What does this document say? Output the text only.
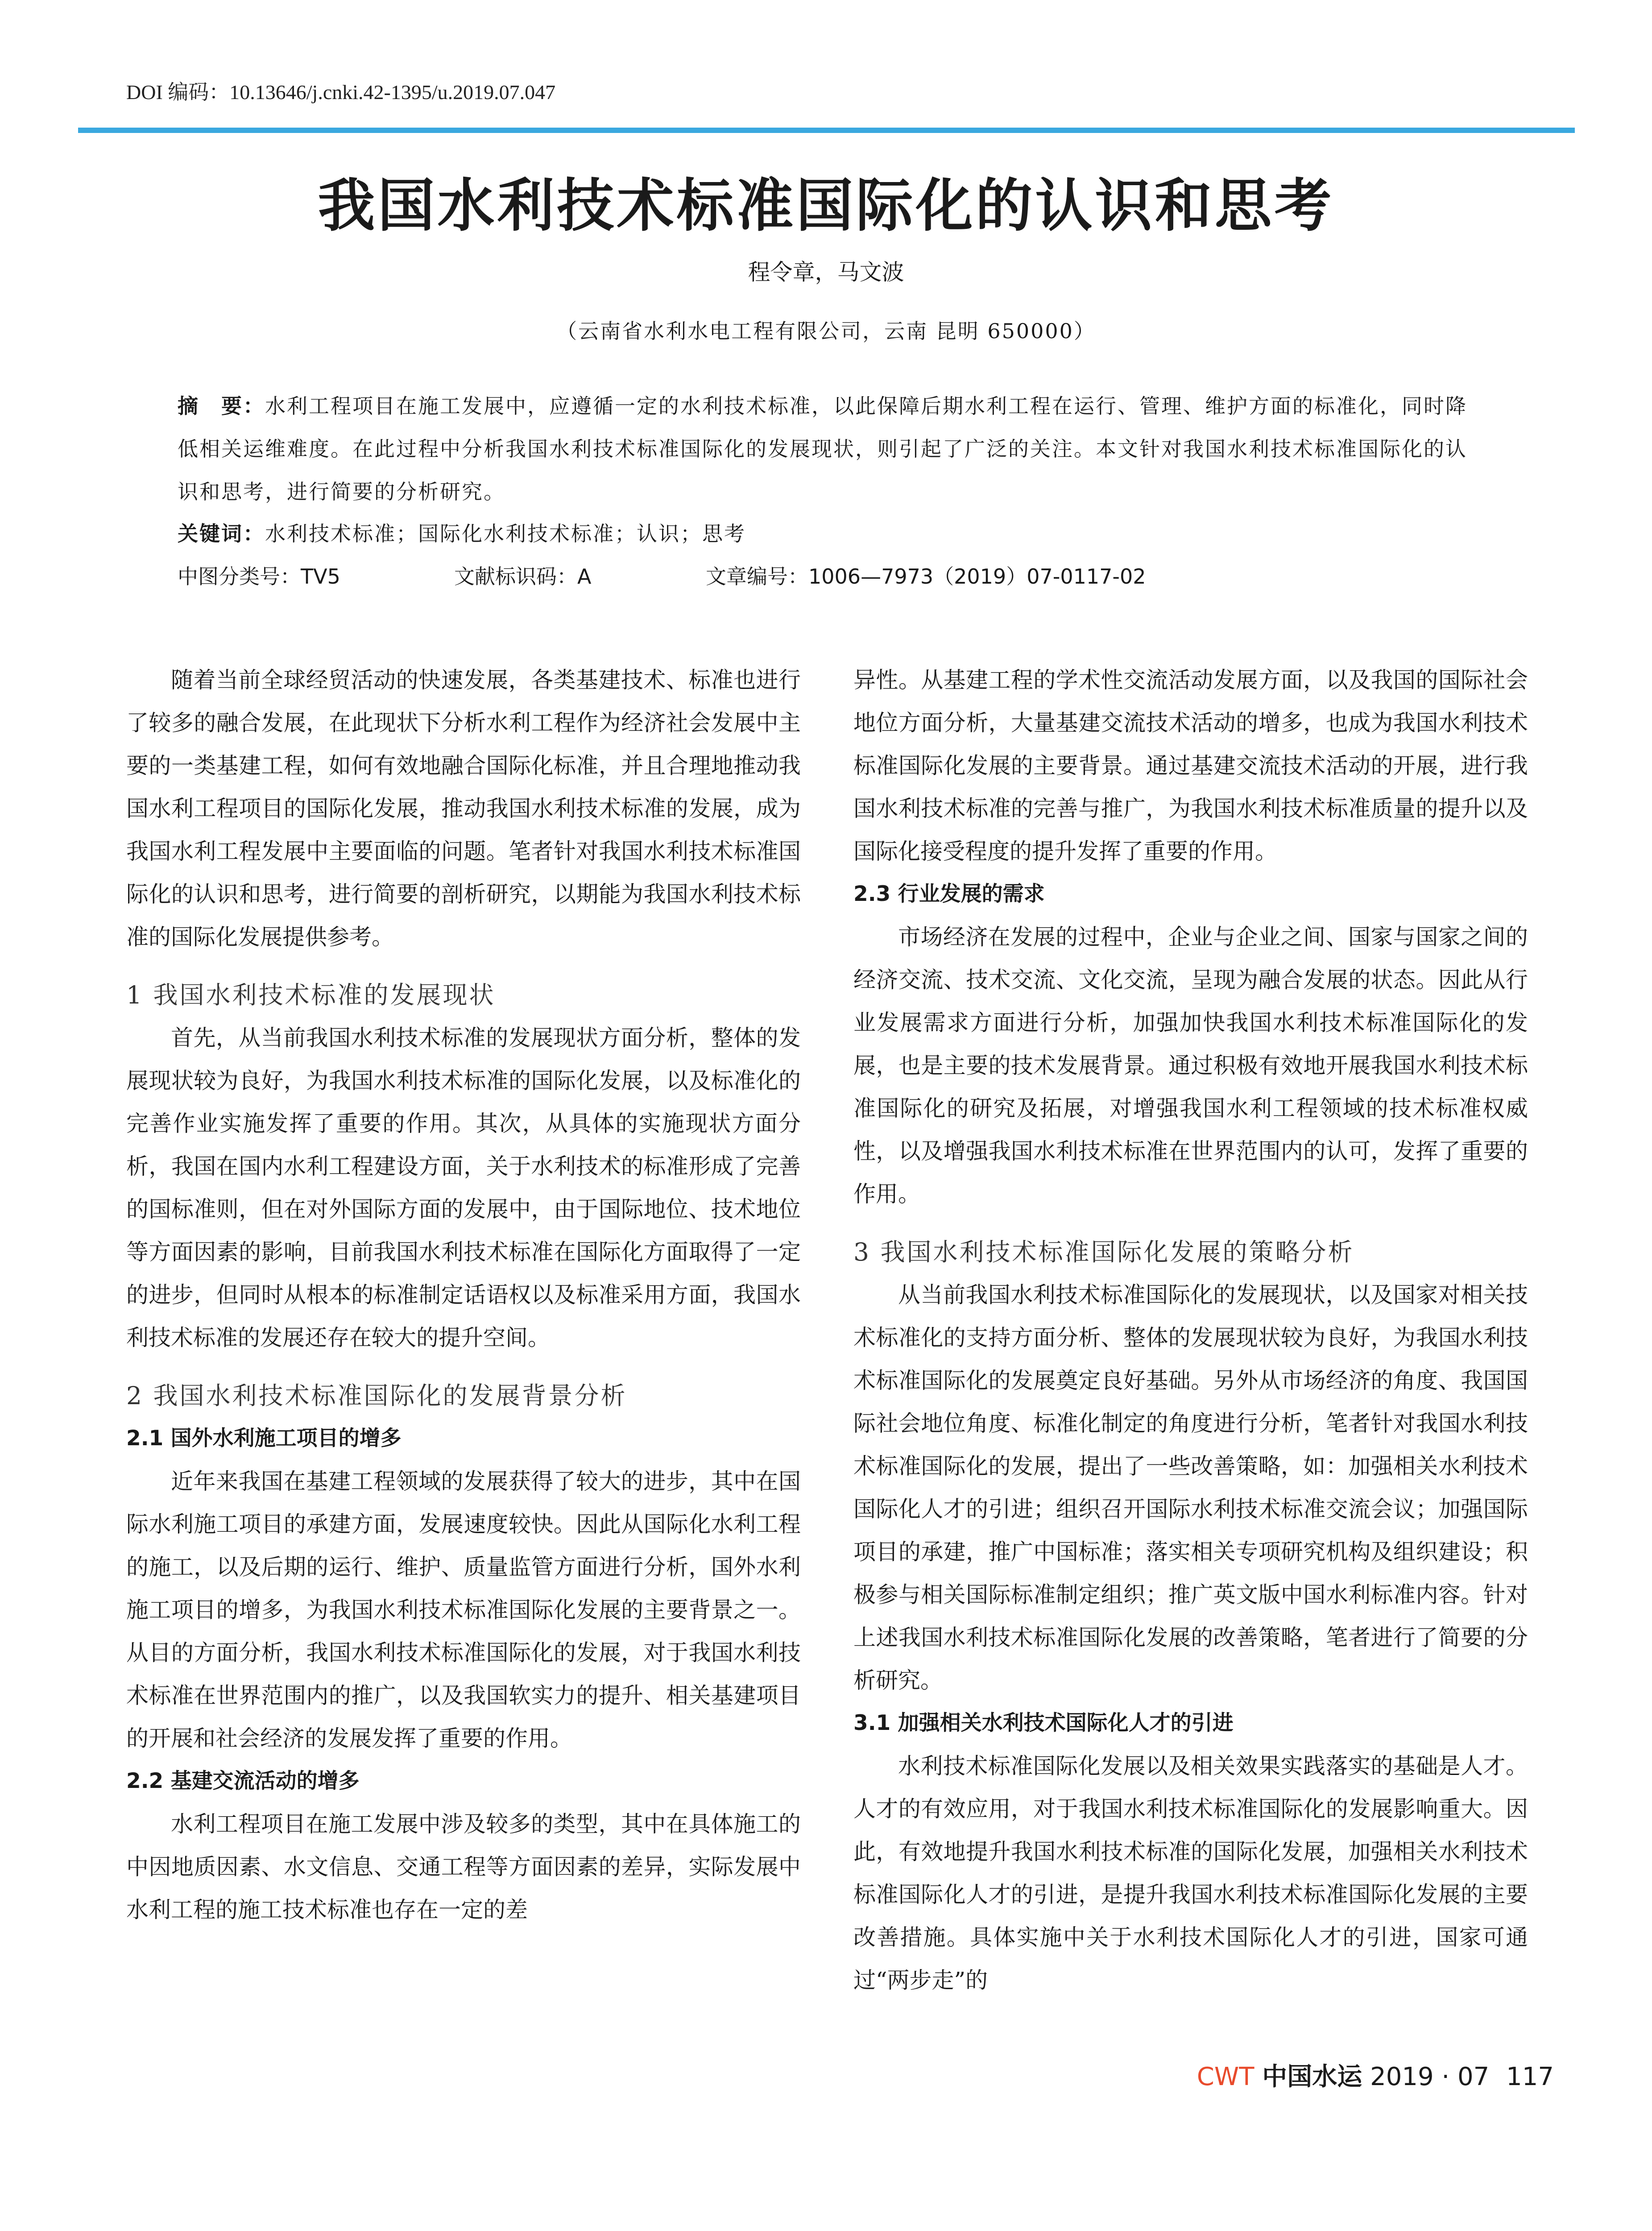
DOI 编码：10.13646/j.cnki.42-1395/u.2019.07.047
我国水利技术标准国际化的认识和思考
程令章，马文波
（云南省水利水电工程有限公司，云南 昆明 650000）
摘　要：水利工程项目在施工发展中，应遵循一定的水利技术标准，以此保障后期水利工程在运行、管理、维护方面的标准化，同时降低相关运维难度。在此过程中分析我国水利技术标准国际化的发展现状，则引起了广泛的关注。本文针对我国水利技术标准国际化的认识和思考，进行简要的分析研究。
关键词：水利技术标准；国际化水利技术标准；认识；思考
中图分类号：TV5	文献标识码：A	文章编号：1006—7973（2019）07-0117-02

随着当前全球经贸活动的快速发展，各类基建技术、标准也进行了较多的融合发展，在此现状下分析水利工程作为经济社会发展中主要的一类基建工程，如何有效地融合国际化标准，并且合理地推动我国水利工程项目的国际化发展，推动我国水利技术标准的发展，成为我国水利工程发展中主要面临的问题。笔者针对我国水利技术标准国际化的认识和思考，进行简要的剖析研究，以期能为我国水利技术标准的国际化发展提供参考。

1 我国水利技术标准的发展现状

首先，从当前我国水利技术标准的发展现状方面分析，整体的发展现状较为良好，为我国水利技术标准的国际化发展，以及标准化的完善作业实施发挥了重要的作用。其次，从具体的实施现状方面分析，我国在国内水利工程建设方面，关于水利技术的标准形成了完善的国标准则，但在对外国际方面的发展中，由于国际地位、技术地位等方面因素的影响，目前我国水利技术标准在国际化方面取得了一定的进步，但同时从根本的标准制定话语权以及标准采用方面，我国水利技术标准的发展还存在较大的提升空间。

2 我国水利技术标准国际化的发展背景分析
2.1 国外水利施工项目的增多

近年来我国在基建工程领域的发展获得了较大的进步，其中在国际水利施工项目的承建方面，发展速度较快。因此从国际化水利工程的施工，以及后期的运行、维护、质量监管方面进行分析，国外水利施工项目的增多，为我国水利技术标准国际化发展的主要背景之一。从目的方面分析，我国水利技术标准国际化的发展，对于我国水利技术标准在世界范围内的推广，以及我国软实力的提升、相关基建项目的开展和社会经济的发展发挥了重要的作用。

2.2 基建交流活动的增多

水利工程项目在施工发展中涉及较多的类型，其中在具体施工的中因地质因素、水文信息、交通工程等方面因素的差异，实际发展中水利工程的施工技术标准也存在一定的差

异性。从基建工程的学术性交流活动发展方面，以及我国的国际社会地位方面分析，大量基建交流技术活动的增多，也成为我国水利技术标准国际化发展的主要背景。通过基建交流技术活动的开展，进行我国水利技术标准的完善与推广，为我国水利技术标准质量的提升以及国际化接受程度的提升发挥了重要的作用。

2.3 行业发展的需求

市场经济在发展的过程中，企业与企业之间、国家与国家之间的经济交流、技术交流、文化交流，呈现为融合发展的状态。因此从行业发展需求方面进行分析，加强加快我国水利技术标准国际化的发展，也是主要的技术发展背景。通过积极有效地开展我国水利技术标准国际化的研究及拓展，对增强我国水利工程领域的技术标准权威性，以及增强我国水利技术标准在世界范围内的认可，发挥了重要的作用。

3 我国水利技术标准国际化发展的策略分析

从当前我国水利技术标准国际化的发展现状，以及国家对相关技术标准化的支持方面分析、整体的发展现状较为良好，为我国水利技术标准国际化的发展奠定良好基础。另外从市场经济的角度、我国国际社会地位角度、标准化制定的角度进行分析，笔者针对我国水利技术标准国际化的发展，提出了一些改善策略，如：加强相关水利技术国际化人才的引进；组织召开国际水利技术标准交流会议；加强国际项目的承建，推广中国标准；落实相关专项研究机构及组织建设；积极参与相关国际标准制定组织；推广英文版中国水利标准内容。针对上述我国水利技术标准国际化发展的改善策略，笔者进行了简要的分析研究。

3.1 加强相关水利技术国际化人才的引进

水利技术标准国际化发展以及相关效果实践落实的基础是人才。人才的有效应用，对于我国水利技术标准国际化的发展影响重大。因此，有效地提升我国水利技术标准的国际化发展，加强相关水利技术标准国际化人才的引进，是提升我国水利技术标准国际化发展的主要改善措施。具体实施中关于水利技术国际化人才的引进，国家可通过“两步走”的

CWT 中国水运 2019 · 07 117
